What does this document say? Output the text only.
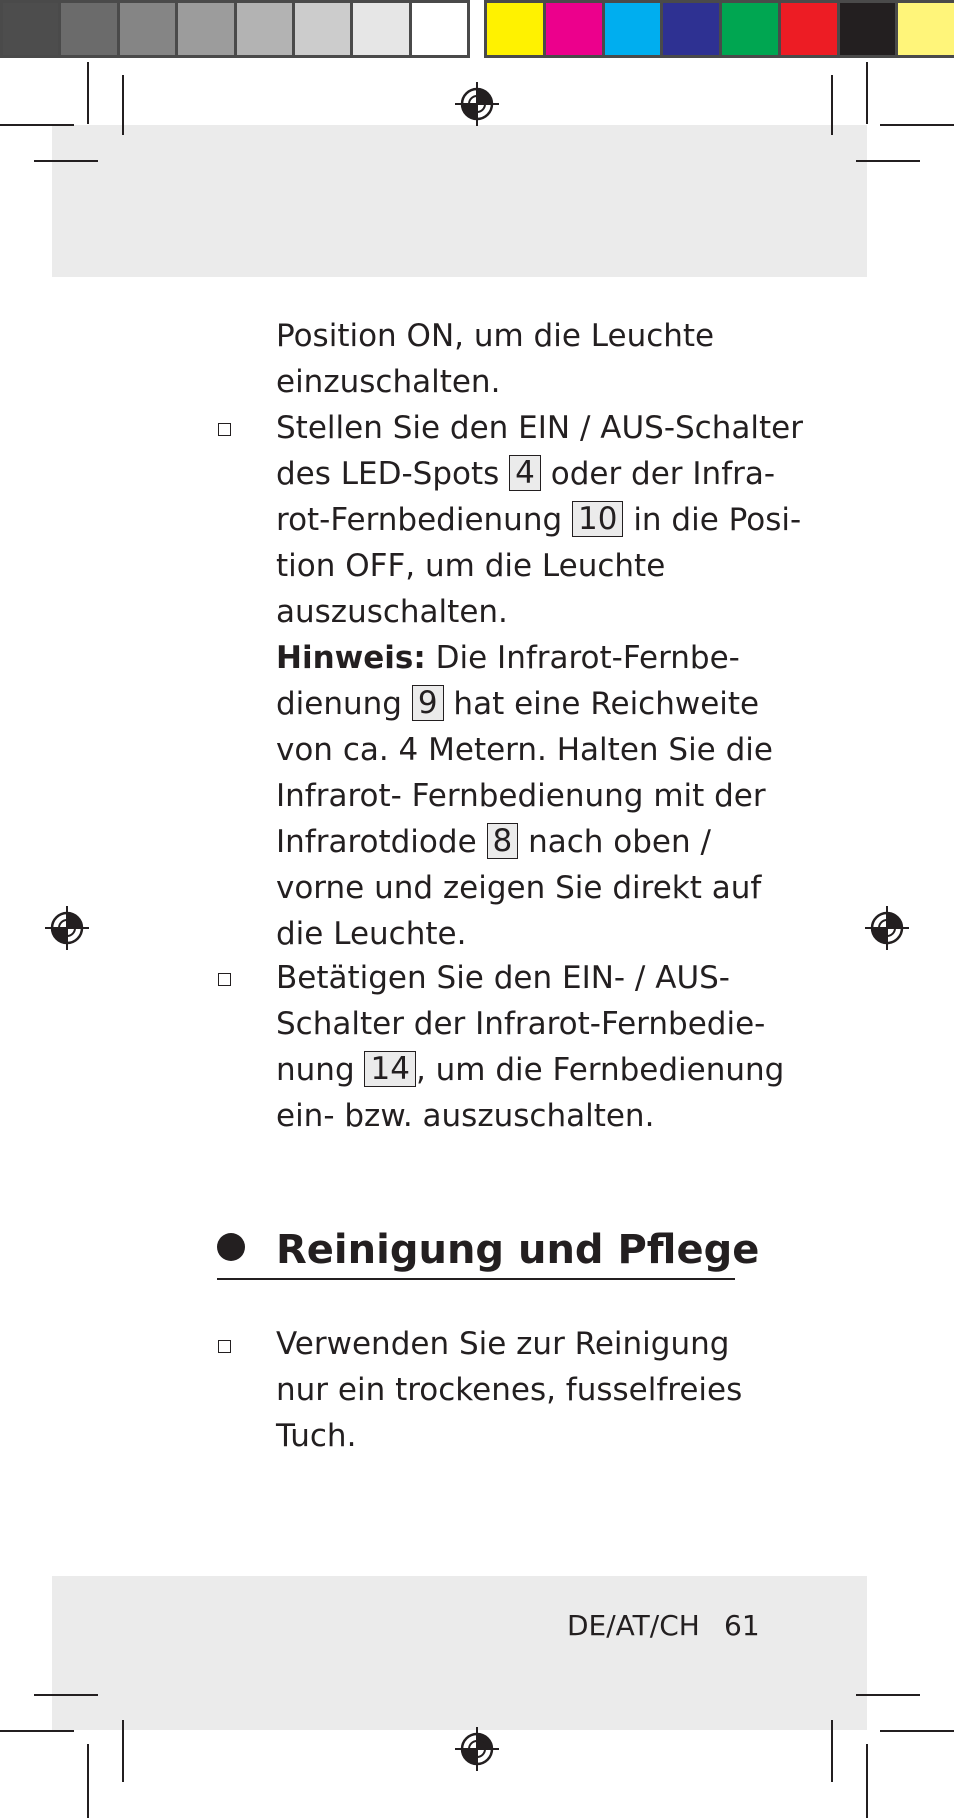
Position ON, um die Leuchte
einzuschalten.
Stellen Sie den EIN / AUS-Schalter
des LED-Spots 4 oder der Infra-
rot-Fernbedienung 10 in die Posi-
tion OFF, um die Leuchte
auszuschalten.
Hinweis: Die Infrarot-Fernbe-
dienung 9 hat eine Reichweite
von ca. 4 Metern. Halten Sie die
Infrarot- Fernbedienung mit der
Infrarotdiode 8 nach oben /
vorne und zeigen Sie direkt auf
die Leuchte.
Betätigen Sie den EIN- / AUS-
Schalter der Infrarot-Fernbedie-
nung 14 , um die Fernbedienung
ein- bzw. auszuschalten.
Reinigung und Pflege
Verwenden Sie zur Reinigung
nur ein trockenes, fusselfreies
Tuch.
DE/AT/CH 61
